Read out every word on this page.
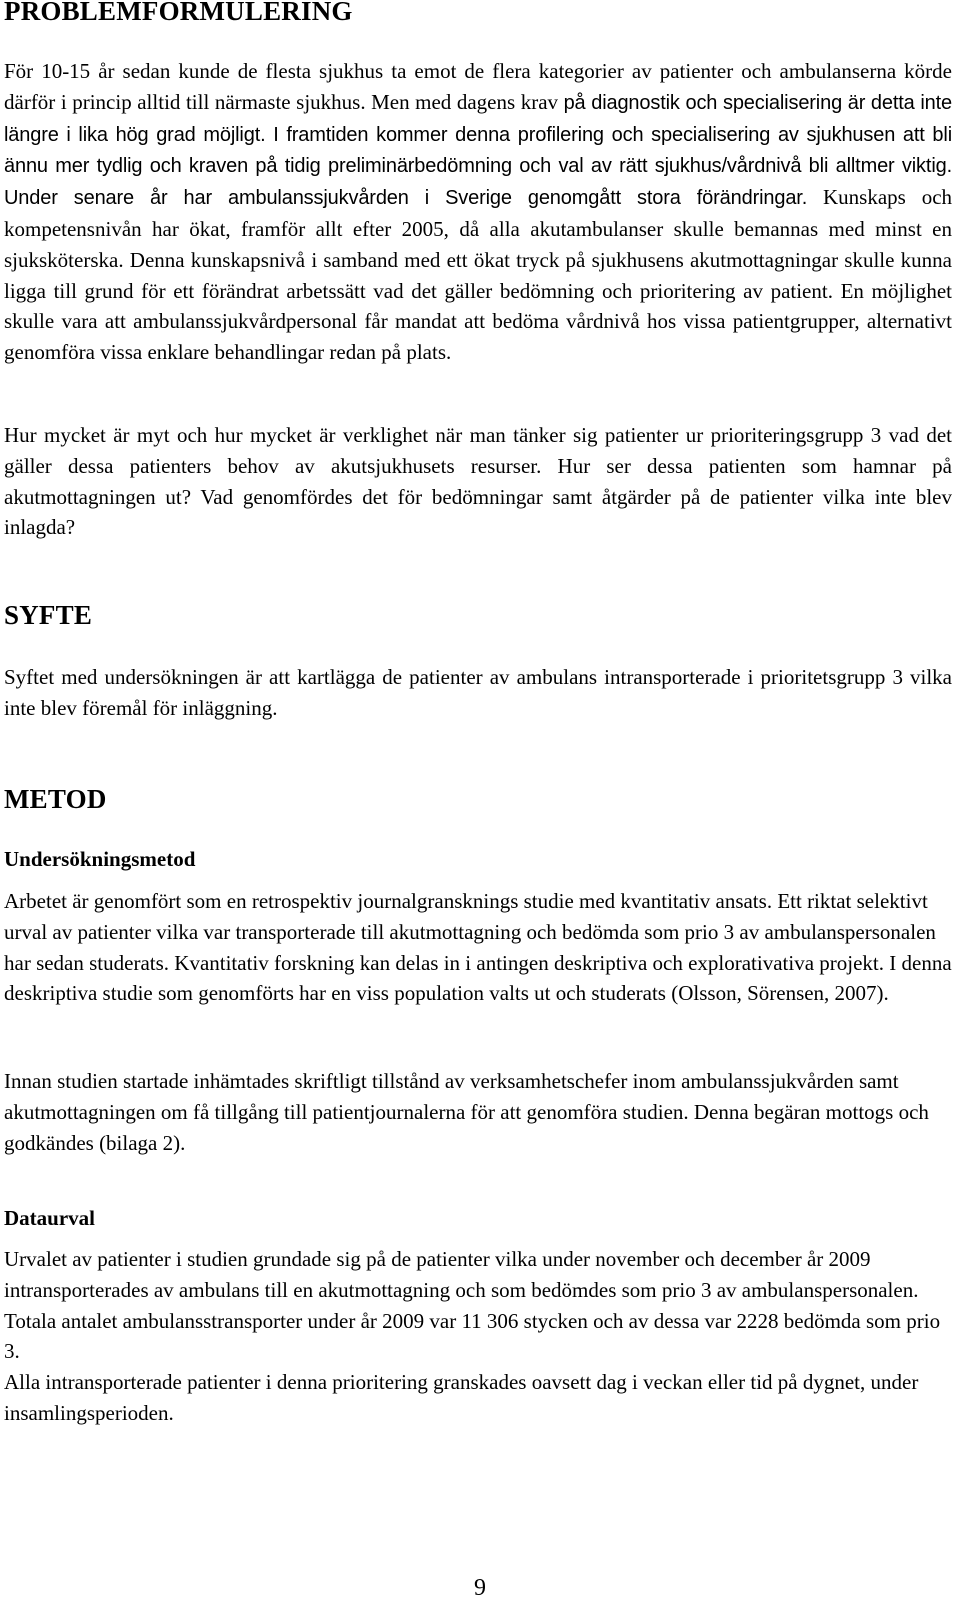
PROBLEMFORMULERING

För 10-15 år sedan kunde de flesta sjukhus ta emot de flera kategorier av patienter och ambulanserna körde därför i princip alltid till närmaste sjukhus. Men med dagens krav på diagnostik och specialisering är detta inte längre i lika hög grad möjligt. I framtiden kommer denna profilering och specialisering av sjukhusen att bli ännu mer tydlig och kraven på tidig preliminärbedömning och val av rätt sjukhus/vårdnivå bli alltmer viktig. Under senare år har ambulanssjukvården i Sverige genomgått stora förändringar. Kunskaps och kompetensnivån har ökat, framför allt efter 2005, då alla akutambulanser skulle bemannas med minst en sjuksköterska. Denna kunskapsnivå i samband med ett ökat tryck på sjukhusens akutmottagningar skulle kunna ligga till grund för ett förändrat arbetssätt vad det gäller bedömning och prioritering av patient. En möjlighet skulle vara att ambulanssjukvårdpersonal får mandat att bedöma vårdnivå hos vissa patientgrupper, alternativt genomföra vissa enklare behandlingar redan på plats.

Hur mycket är myt och hur mycket är verklighet när man tänker sig patienter ur prioriteringsgrupp 3 vad det gäller dessa patienters behov av akutsjukhusets resurser. Hur ser dessa patienten som hamnar på akutmottagningen ut? Vad genomfördes det för bedömningar samt åtgärder på de patienter vilka inte blev inlagda?

SYFTE

Syftet med undersökningen är att kartlägga de patienter av ambulans intransporterade i prioritetsgrupp 3 vilka inte blev föremål för inläggning.

METOD
Undersökningsmetod

Arbetet är genomfört som en retrospektiv journalgransknings studie med kvantitativ ansats. Ett riktat selektivt urval av patienter vilka var transporterade till akutmottagning och bedömda som prio 3 av ambulanspersonalen har sedan studerats. Kvantitativ forskning kan delas in i antingen deskriptiva och explorativativa projekt. I denna deskriptiva studie som genomförts har en viss population valts ut och studerats (Olsson, Sörensen, 2007).

Innan studien startade inhämtades skriftligt tillstånd av verksamhetschefer inom ambulanssjukvården samt akutmottagningen om få tillgång till patientjournalerna för att genomföra studien. Denna begäran mottogs och godkändes (bilaga 2).

Dataurval

Urvalet av patienter i studien grundade sig på de patienter vilka under november och december år 2009 intransporterades av ambulans till en akutmottagning och som bedömdes som prio 3 av ambulanspersonalen. Totala antalet ambulansstransporter under år 2009 var 11 306 stycken och av dessa var 2228 bedömda som prio 3.

Alla intransporterade patienter i denna prioritering granskades oavsett dag i veckan eller tid på dygnet, under insamlingsperioden.

9
